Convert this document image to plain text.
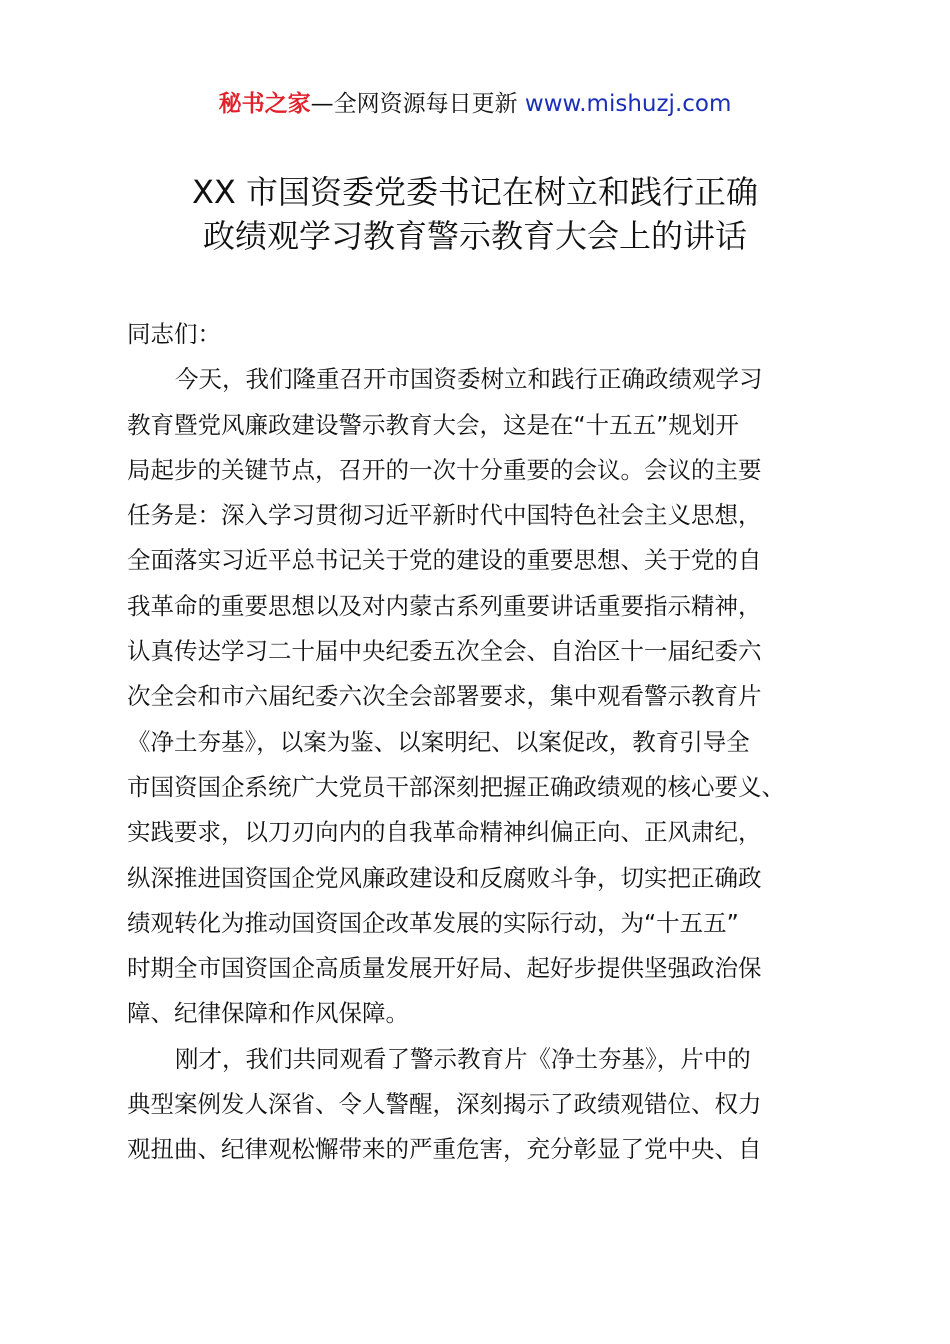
秘书之家—全网资源每日更新 www.mishuzj.com
XX 市国资委党委书记在树立和践行正确
政绩观学习教育警示教育大会上的讲话
同志们：
今天，我们隆重召开市国资委树立和践行正确政绩观学习
教育暨党风廉政建设警示教育大会，这是在“十五五”规划开
局起步的关键节点，召开的一次十分重要的会议。会议的主要
任务是：深入学习贯彻习近平新时代中国特色社会主义思想，
全面落实习近平总书记关于党的建设的重要思想、关于党的自
我革命的重要思想以及对内蒙古系列重要讲话重要指示精神，
认真传达学习二十届中央纪委五次全会、自治区十一届纪委六
次全会和市六届纪委六次全会部署要求，集中观看警示教育片
《净土夯基》，以案为鉴、以案明纪、以案促改，教育引导全
市国资国企系统广大党员干部深刻把握正确政绩观的核心要义、
实践要求，以刀刃向内的自我革命精神纠偏正向、正风肃纪，
纵深推进国资国企党风廉政建设和反腐败斗争，切实把正确政
绩观转化为推动国资国企改革发展的实际行动，为“十五五”
时期全市国资国企高质量发展开好局、起好步提供坚强政治保
障、纪律保障和作风保障。
刚才，我们共同观看了警示教育片《净土夯基》，片中的
典型案例发人深省、令人警醒，深刻揭示了政绩观错位、权力
观扭曲、纪律观松懈带来的严重危害，充分彰显了党中央、自
